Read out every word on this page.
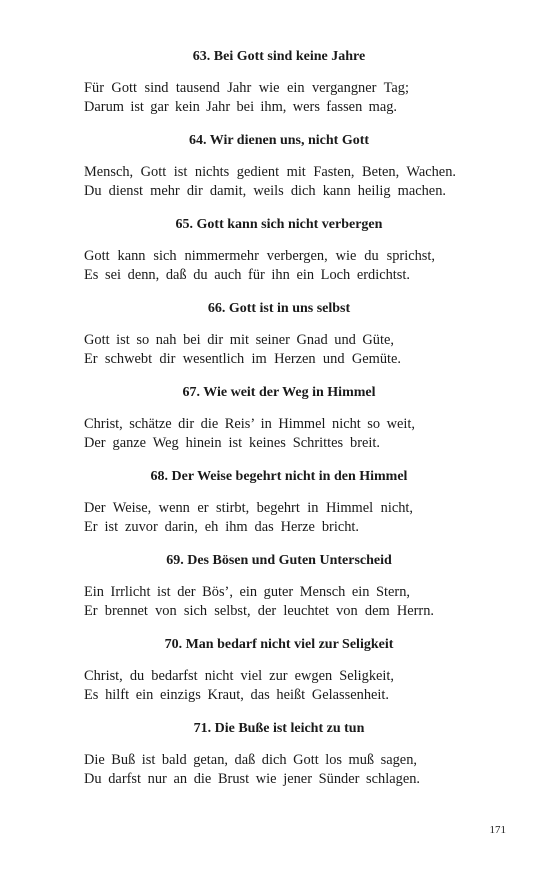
63. Bei Gott sind keine Jahre
Für Gott sind tausend Jahr wie ein vergangner Tag;
Darum ist gar kein Jahr bei ihm, wers fassen mag.
64. Wir dienen uns, nicht Gott
Mensch, Gott ist nichts gedient mit Fasten, Beten, Wachen.
Du dienst mehr dir damit, weils dich kann heilig machen.
65. Gott kann sich nicht verbergen
Gott kann sich nimmermehr verbergen, wie du sprichst,
Es sei denn, daß du auch für ihn ein Loch erdichtst.
66. Gott ist in uns selbst
Gott ist so nah bei dir mit seiner Gnad und Güte,
Er schwebt dir wesentlich im Herzen und Gemüte.
67. Wie weit der Weg in Himmel
Christ, schätze dir die Reis’ in Himmel nicht so weit,
Der ganze Weg hinein ist keines Schrittes breit.
68. Der Weise begehrt nicht in den Himmel
Der Weise, wenn er stirbt, begehrt in Himmel nicht,
Er ist zuvor darin, eh ihm das Herze bricht.
69. Des Bösen und Guten Unterscheid
Ein Irrlicht ist der Bös’, ein guter Mensch ein Stern,
Er brennet von sich selbst, der leuchtet von dem Herrn.
70. Man bedarf nicht viel zur Seligkeit
Christ, du bedarfst nicht viel zur ewgen Seligkeit,
Es hilft ein einzigs Kraut, das heißt Gelassenheit.
71. Die Buße ist leicht zu tun
Die Buß ist bald getan, daß dich Gott los muß sagen,
Du darfst nur an die Brust wie jener Sünder schlagen.
171
